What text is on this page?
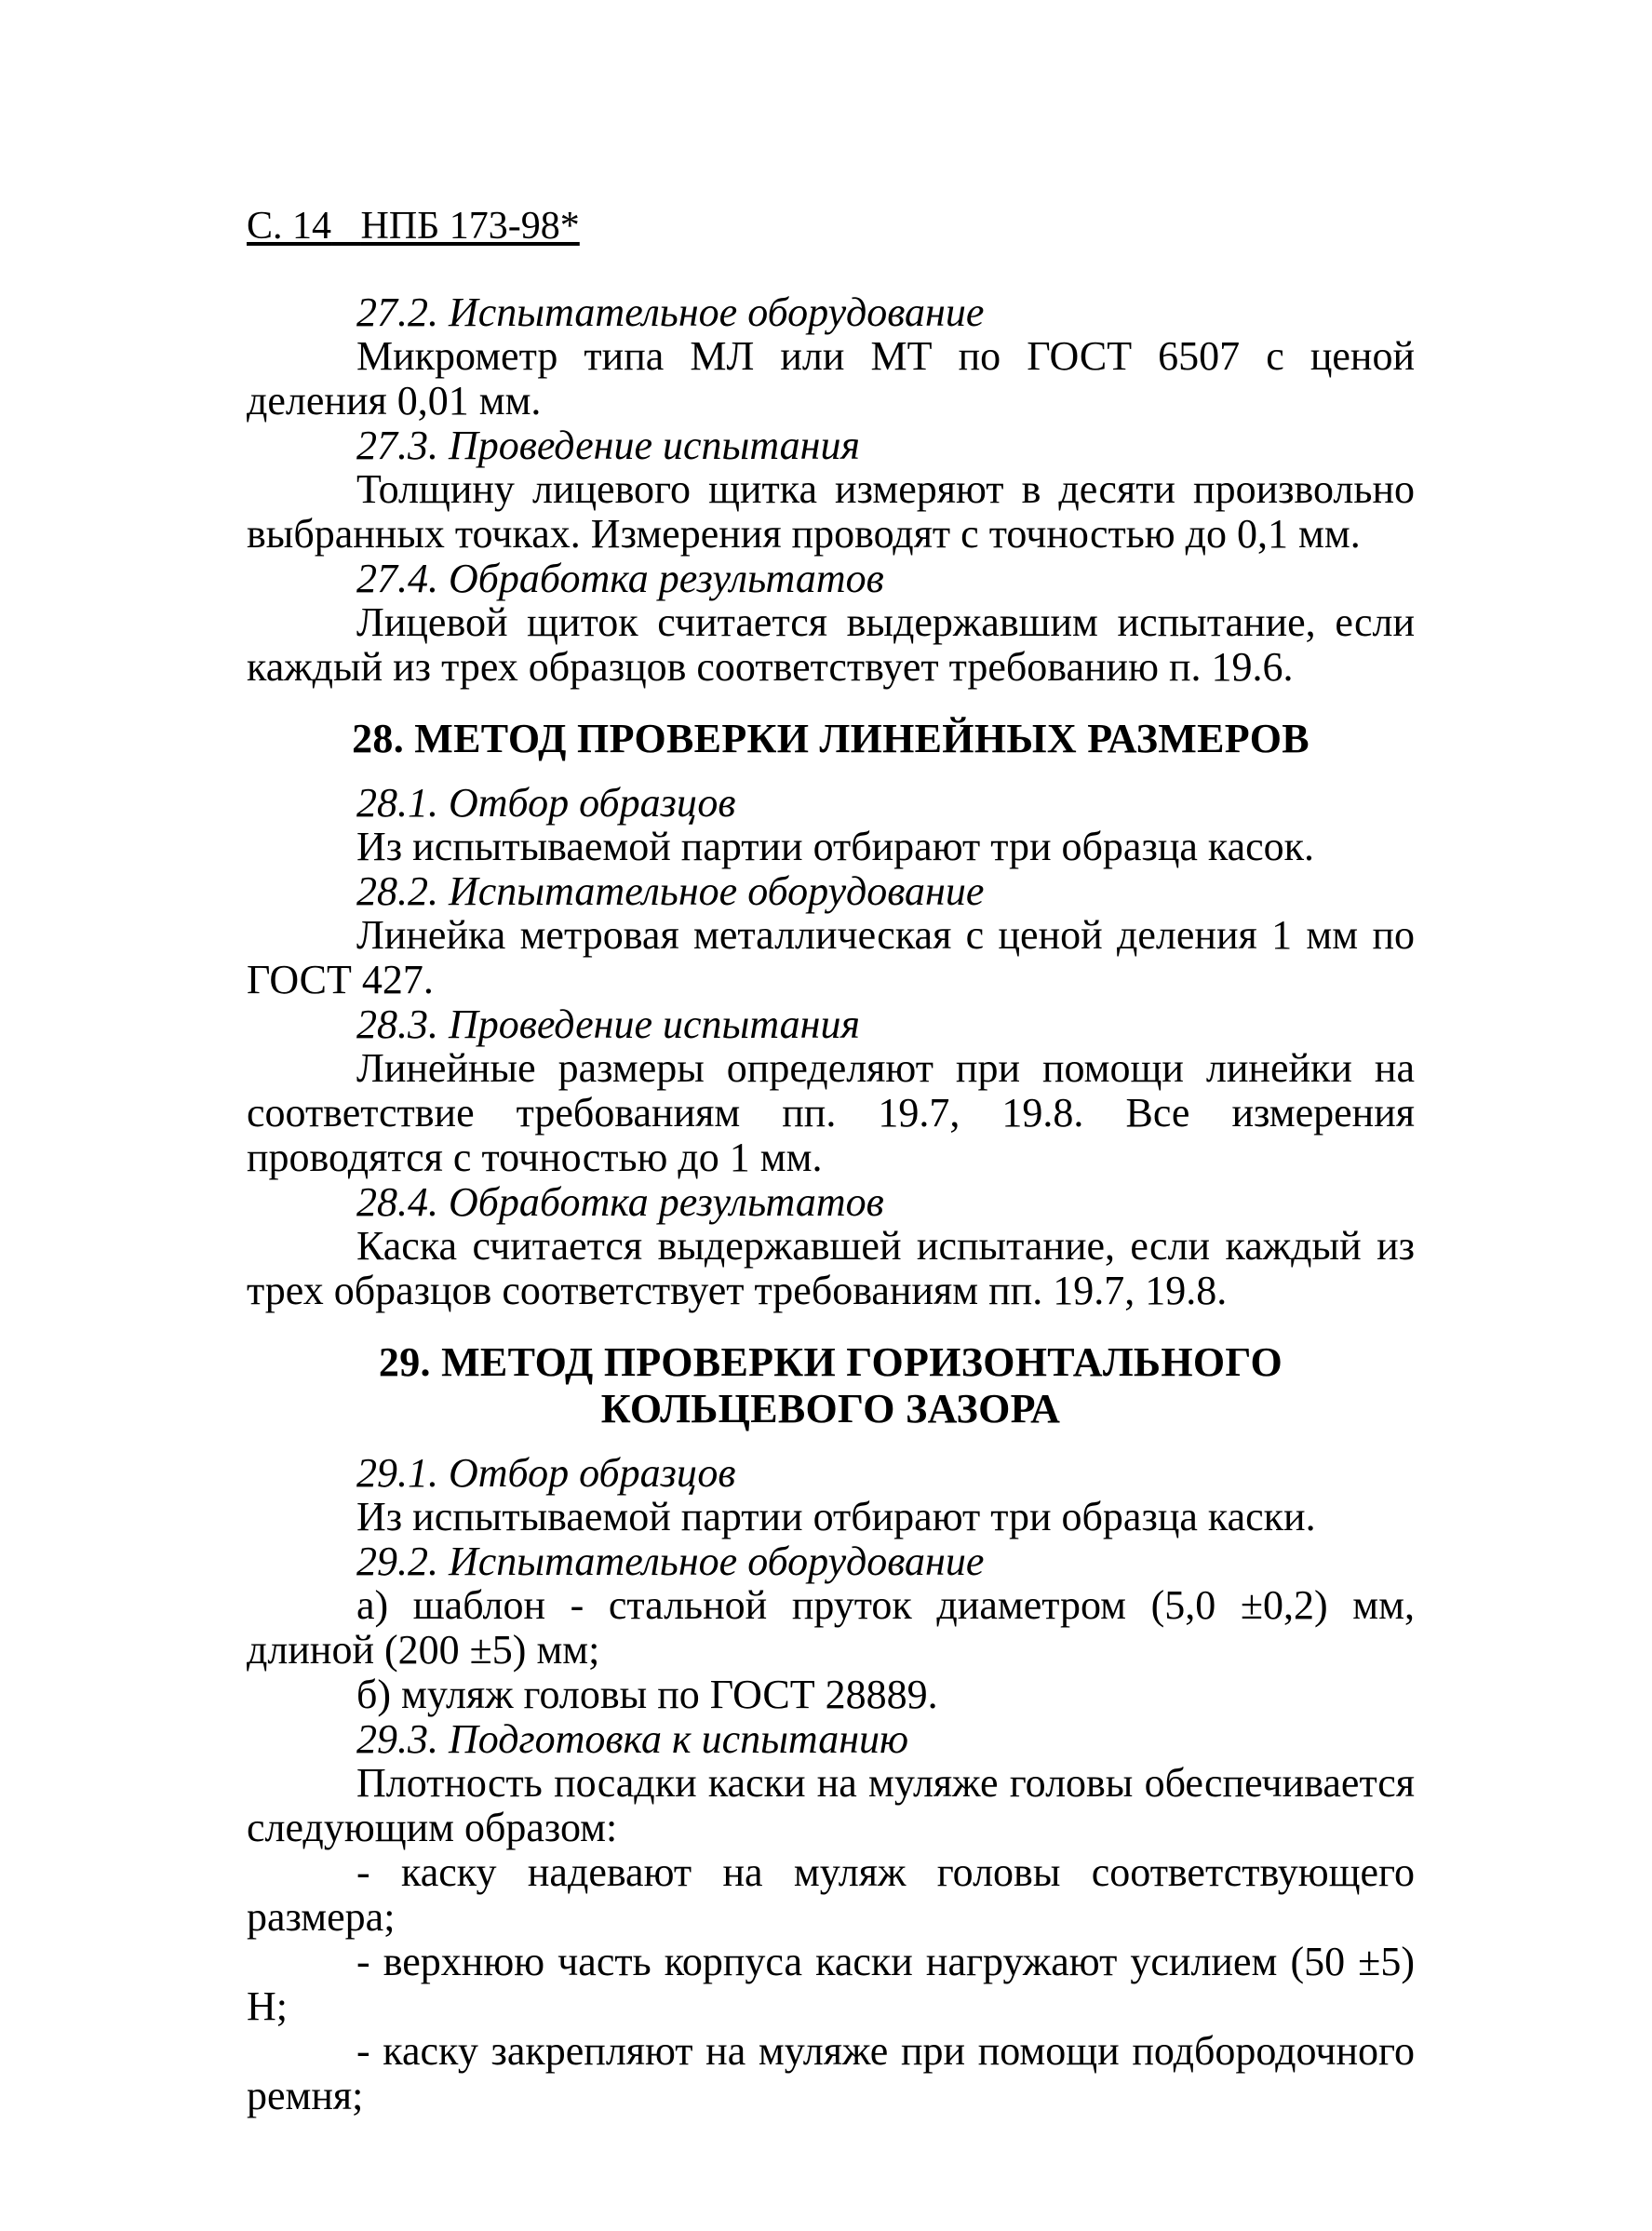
С. 14 НПБ 173-98*

27.2. Испытательное оборудование

Микрометр типа МЛ или МТ по ГОСТ 6507 с ценой деления 0,01 мм.

27.3. Проведение испытания

Толщину лицевого щитка измеряют в десяти произвольно выбранных точках. Измерения проводят с точностью до 0,1 мм.

27.4. Обработка результатов

Лицевой щиток считается выдержавшим испытание, если каждый из трех образцов соответствует требованию п. 19.6.

28. МЕТОД ПРОВЕРКИ ЛИНЕЙНЫХ РАЗМЕРОВ

28.1. Отбор образцов

Из испытываемой партии отбирают три образца касок.

28.2. Испытательное оборудование

Линейка метровая металлическая с ценой деления 1 мм по ГОСТ 427.

28.3. Проведение испытания

Линейные размеры определяют при помощи линейки на соответствие требованиям пп. 19.7, 19.8. Все измерения проводятся с точностью до 1 мм.

28.4. Обработка результатов

Каска считается выдержавшей испытание, если каждый из трех образцов соответствует требованиям пп. 19.7, 19.8.

29. МЕТОД ПРОВЕРКИ ГОРИЗОНТАЛЬНОГО
КОЛЬЦЕВОГО ЗАЗОРА

29.1. Отбор образцов

Из испытываемой партии отбирают три образца каски.

29.2. Испытательное оборудование

а) шаблон - стальной пруток диаметром (5,0 ±0,2) мм, длиной (200 ±5) мм;

б) муляж головы по ГОСТ 28889.

29.3. Подготовка к испытанию

Плотность посадки каски на муляже головы обеспечивается следующим образом:

- каску надевают на муляж головы соответствующего размера;

- верхнюю часть корпуса каски нагружают усилием (50 ±5) Н;

- каску закрепляют на муляже при помощи подбородочного ремня;
